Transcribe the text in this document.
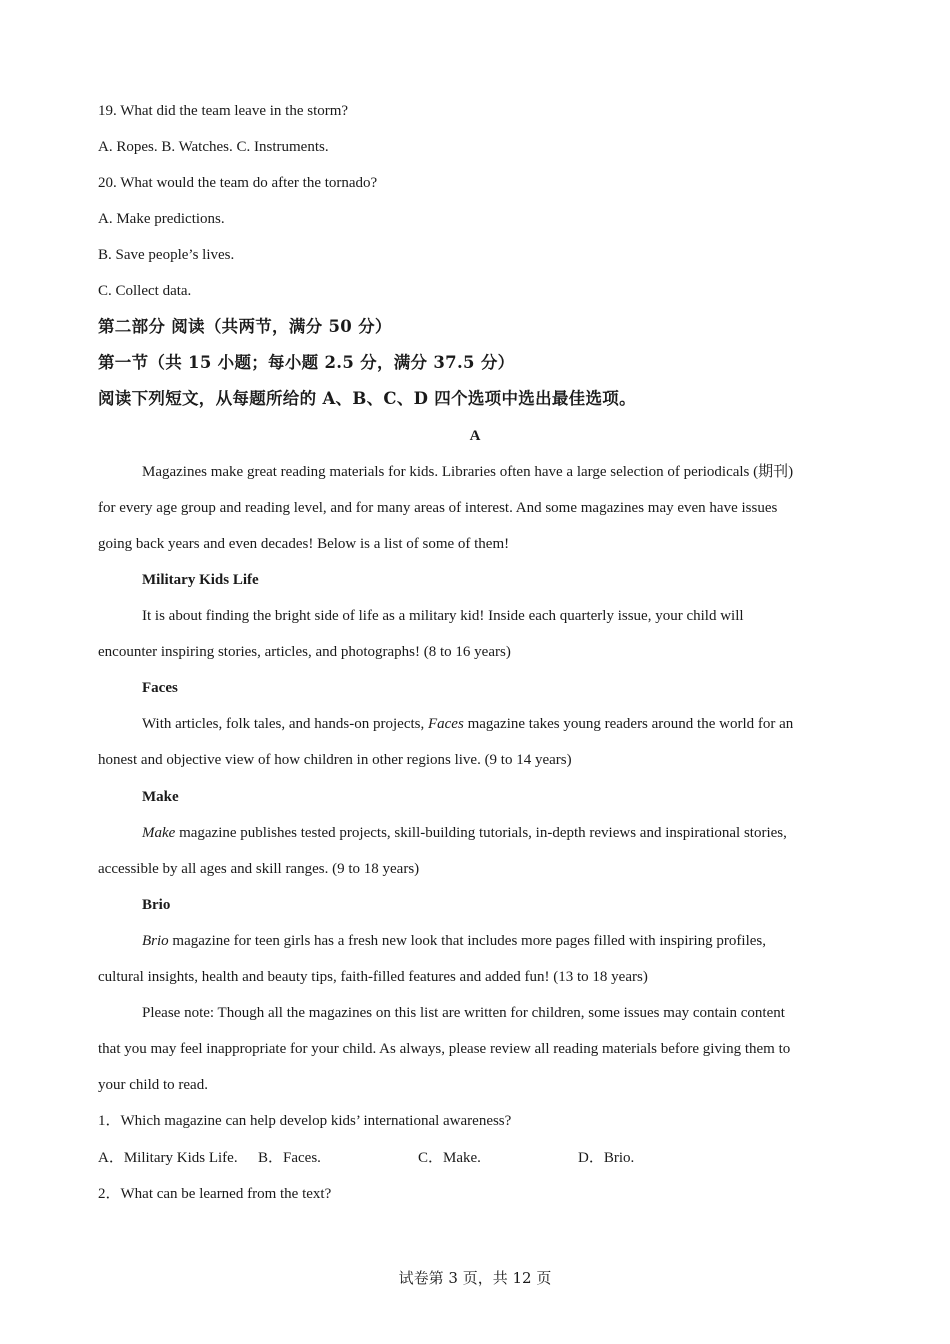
19. What did the team leave in the storm?
A. Ropes. B. Watches. C. Instruments.
20. What would the team do after the tornado?
A. Make predictions.
B. Save people’s lives.
C. Collect data.
第二部分 阅读（共两节，满分 50 分）
第一节（共 15 小题；每小题 2.5 分，满分 37.5 分）
阅读下列短文，从每题所给的 A、B、C、D 四个选项中选出最佳选项。
A
Magazines make great reading materials for kids. Libraries often have a large selection of periodicals (期刊)
for every age group and reading level, and for many areas of interest. And some magazines may even have issues
going back years and even decades! Below is a list of some of them!
Military Kids Life
It is about finding the bright side of life as a military kid! Inside each quarterly issue, your child will
encounter inspiring stories, articles, and photographs! (8 to 16 years)
Faces
With articles, folk tales, and hands-on projects, Faces magazine takes young readers around the world for an
honest and objective view of how children in other regions live. (9 to 14 years)
Make
Make magazine publishes tested projects, skill-building tutorials, in-depth reviews and inspirational stories,
accessible by all ages and skill ranges. (9 to 18 years)
Brio
Brio magazine for teen girls has a fresh new look that includes more pages filled with inspiring profiles,
cultural insights, health and beauty tips, faith-filled features and added fun! (13 to 18 years)
Please note: Though all the magazines on this list are written for children, some issues may contain content
that you may feel inappropriate for your child. As always, please review all reading materials before giving them to
your child to read.
1．Which magazine can help develop kids’ international awareness?
A．Military Kids Life. B．Faces.	C．Make.	D．Brio.
2．What can be learned from the text?
试卷第 3 页，共 12 页
